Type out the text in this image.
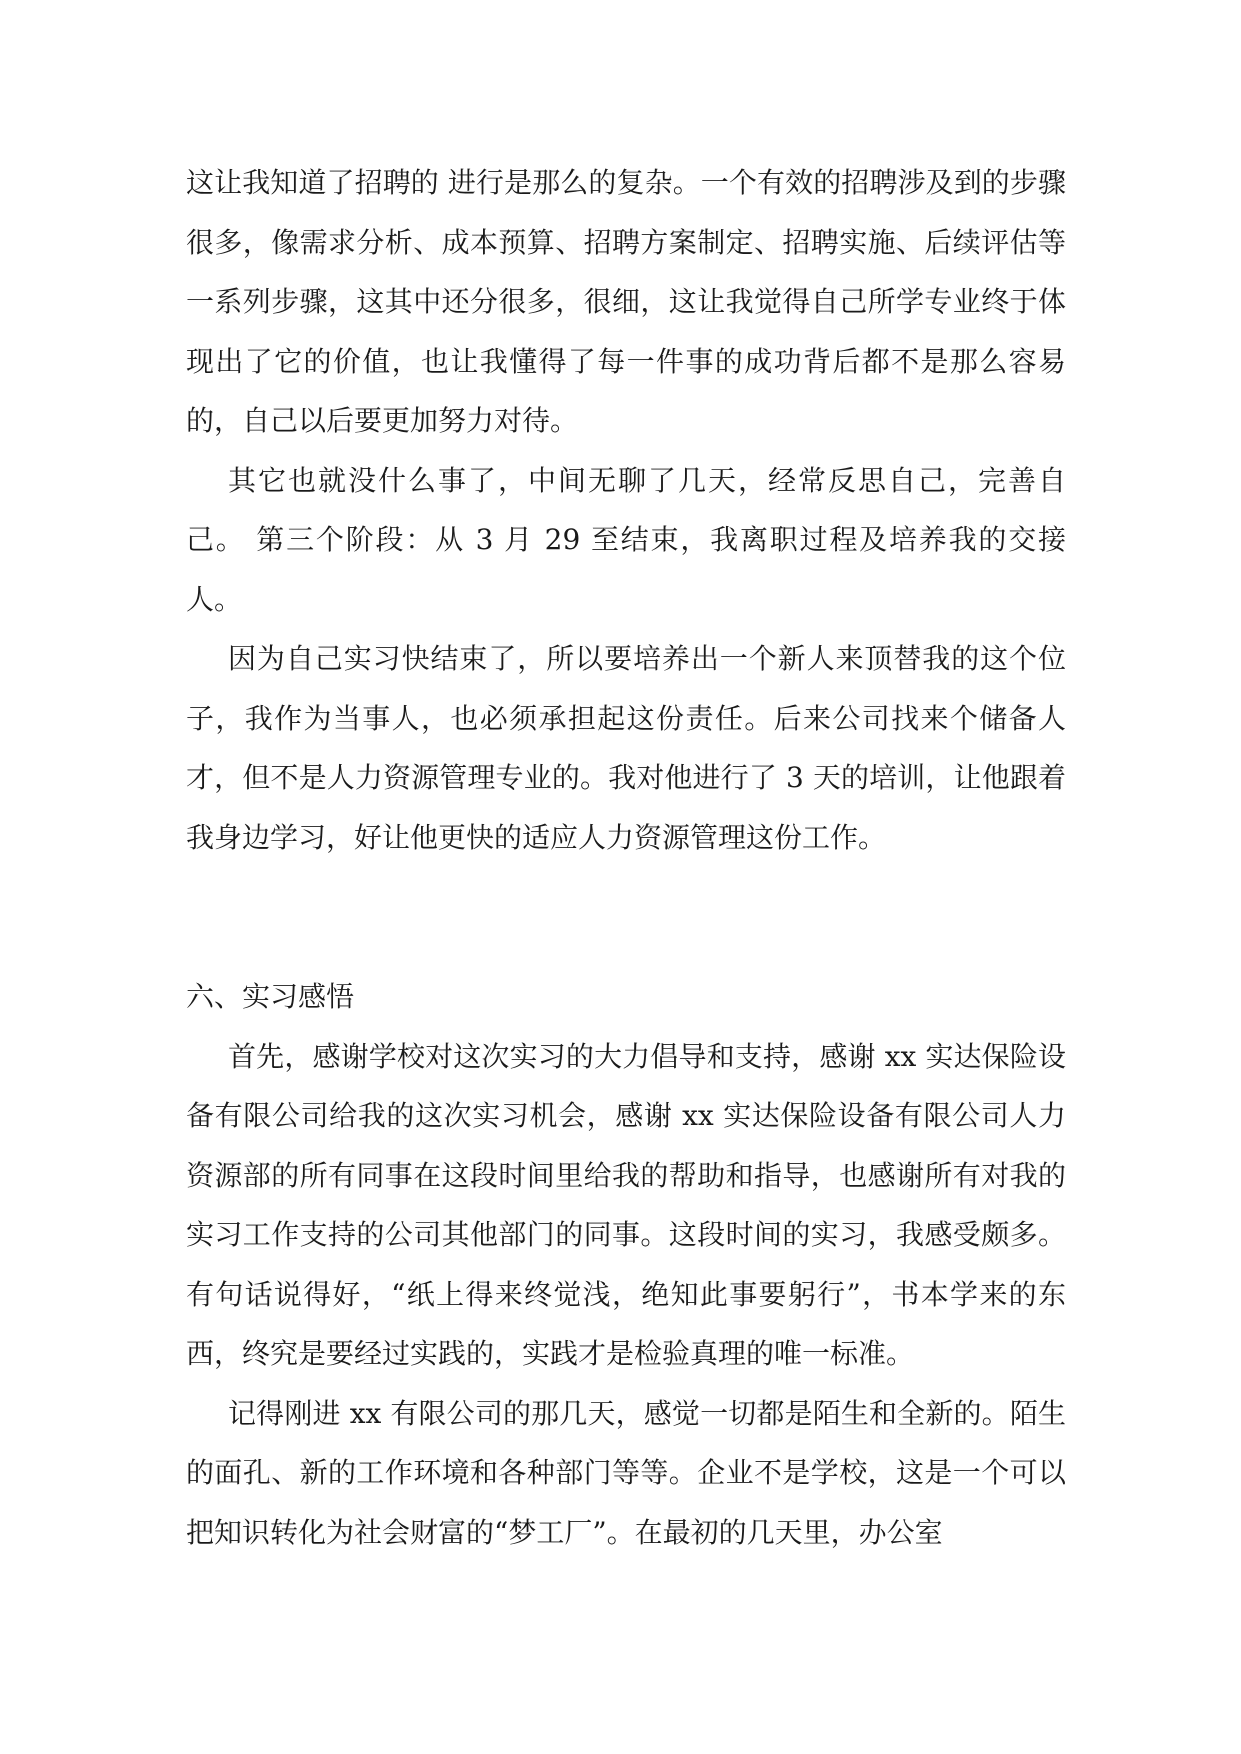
这让我知道了招聘的 进行是那么的复杂。一个有效的招聘涉及到的步骤很多，像需求分析、成本预算、招聘方案制定、招聘实施、后续评估等一系列步骤，这其中还分很多，很细，这让我觉得自己所学专业终于体现出了它的价值，也让我懂得了每一件事的成功背后都不是那么容易的，自己以后要更加努力对待。

其它也就没什么事了，中间无聊了几天，经常反思自己，完善自己。 第三个阶段：从 3 月 29 至结束，我离职过程及培养我的交接人。

因为自己实习快结束了，所以要培养出一个新人来顶替我的这个位子，我作为当事人，也必须承担起这份责任。后来公司找来个储备人才，但不是人力资源管理专业的。我对他进行了 3 天的培训，让他跟着我身边学习，好让他更快的适应人力资源管理这份工作。

六、实习感悟

首先，感谢学校对这次实习的大力倡导和支持，感谢 xx 实达保险设备有限公司给我的这次实习机会，感谢 xx 实达保险设备有限公司人力资源部的所有同事在这段时间里给我的帮助和指导，也感谢所有对我的实习工作支持的公司其他部门的同事。这段时间的实习，我感受颇多。有句话说得好，“纸上得来终觉浅，绝知此事要躬行”，书本学来的东西，终究是要经过实践的，实践才是检验真理的唯一标准。

记得刚进 xx 有限公司的那几天，感觉一切都是陌生和全新的。陌生的面孔、新的工作环境和各种部门等等。企业不是学校，这是一个可以把知识转化为社会财富的“梦工厂”。在最初的几天里，办公室
